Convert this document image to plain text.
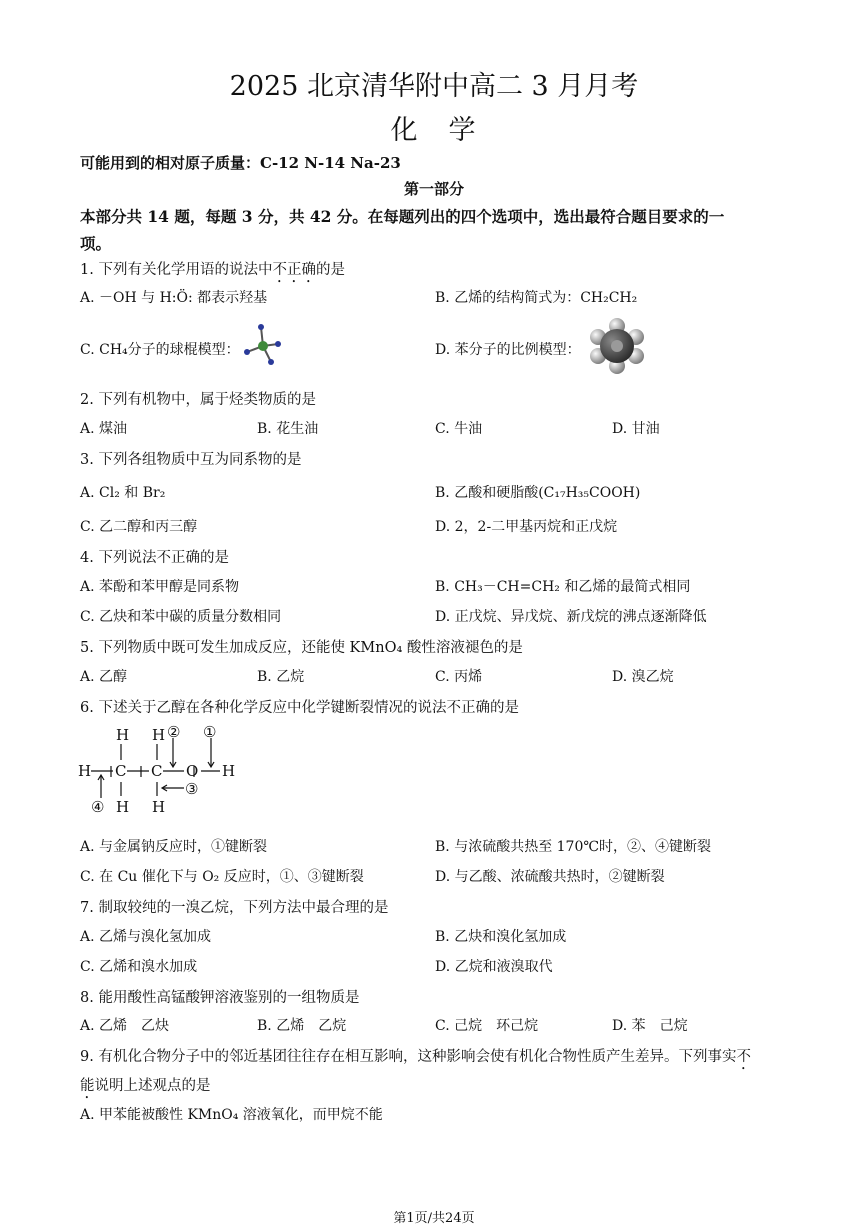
2025 北京清华附中高二 3 月月考
化　学
可能用到的相对原子质量：C-12 N-14 Na-23
第一部分
本部分共 14 题，每题 3 分，共 42 分。在每题列出的四个选项中，选出最符合题目要求的一
项。
1. 下列有关化学用语的说法中不正确的是
A. －OH 与 H:Ö: 都表示羟基	B. 乙烯的结构简式为：CH₂CH₂
C. CH₄分子的球棍模型：	D. 苯分子的比例模型：
2. 下列有机物中，属于烃类物质的是
A. 煤油	B. 花生油	C. 牛油	D. 甘油
3. 下列各组物质中互为同系物的是
A. Cl₂ 和 Br₂	B. 乙酸和硬脂酸(C₁₇H₃₅COOH)
C. 乙二醇和丙三醇	D. 2，2-二甲基丙烷和正戊烷
4. 下列说法不正确的是
A. 苯酚和苯甲醇是同系物	B. CH₃－CH=CH₂ 和乙烯的最简式相同
C. 乙炔和苯中碳的质量分数相同	D. 正戊烷、异戊烷、新戊烷的沸点逐渐降低
5. 下列物质中既可发生加成反应，还能使 KMnO₄ 酸性溶液褪色的是
A. 乙醇	B. 乙烷	C. 丙烯	D. 溴乙烷
6. 下述关于乙醇在各种化学反应中化学键断裂情况的说法不正确的是
H H ② ①
H C C O H
H H
④
③
A. 与金属钠反应时，①键断裂	B. 与浓硫酸共热至 170℃时，②、④键断裂
C. 在 Cu 催化下与 O₂ 反应时，①、③键断裂	D. 与乙酸、浓硫酸共热时，②键断裂
7. 制取较纯的一溴乙烷，下列方法中最合理的是
A. 乙烯与溴化氢加成	B. 乙炔和溴化氢加成
C. 乙烯和溴水加成	D. 乙烷和液溴取代
8. 能用酸性高锰酸钾溶液鉴别的一组物质是
A. 乙烯　乙炔	B. 乙烯　乙烷	C. 己烷　环己烷	D. 苯　己烷
9. 有机化合物分子中的邻近基团往往存在相互影响，这种影响会使有机化合物性质产生差异。下列事实不
能说明上述观点的是
A. 甲苯能被酸性 KMnO₄ 溶液氧化，而甲烷不能
第1页/共24页
